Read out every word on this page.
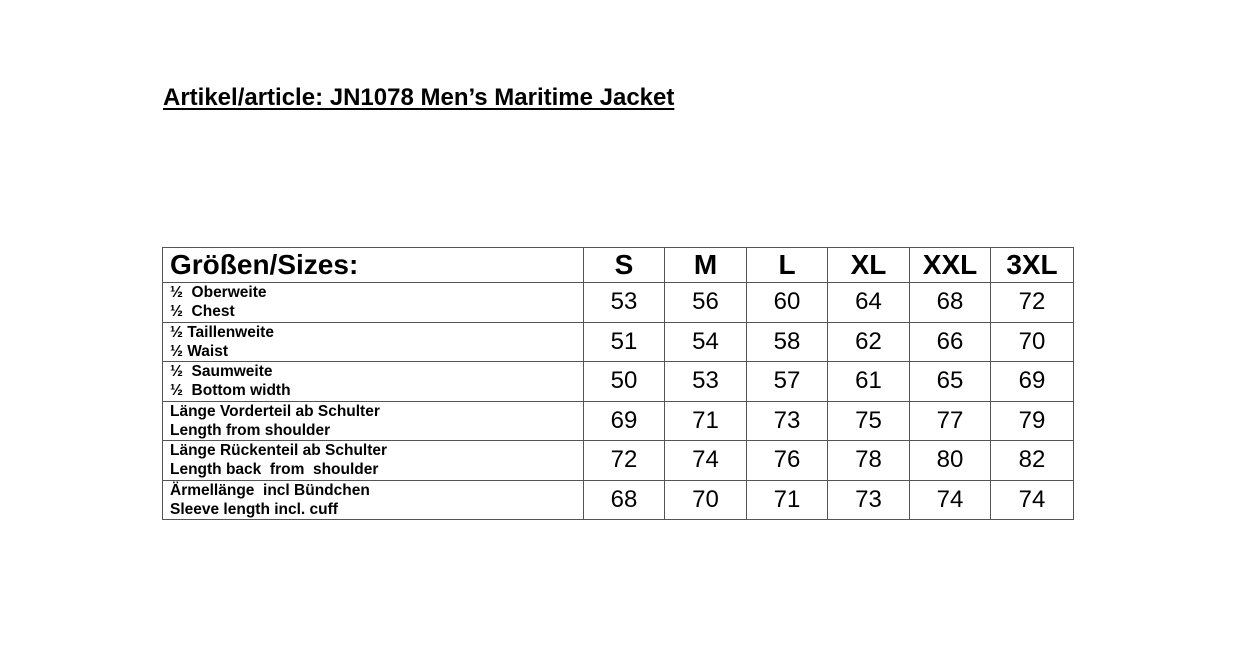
Artikel/article: JN1078 Men’s Maritime Jacket
Größen/Sizes:	S	M	L	XL	XXL	3XL

½  Oberweite
½  Chest	53	56	60	64	68	72

½ Taillenweite
½ Waist	51	54	58	62	66	70

½  Saumweite
½  Bottom width	50	53	57	61	65	69

Länge Vorderteil ab Schulter
Length from shoulder	69	71	73	75	77	79

Länge Rückenteil ab Schulter
Length back  from  shoulder	72	74	76	78	80	82

Ärmellänge  incl Bündchen
Sleeve length incl. cuff	68	70	71	73	74	74
